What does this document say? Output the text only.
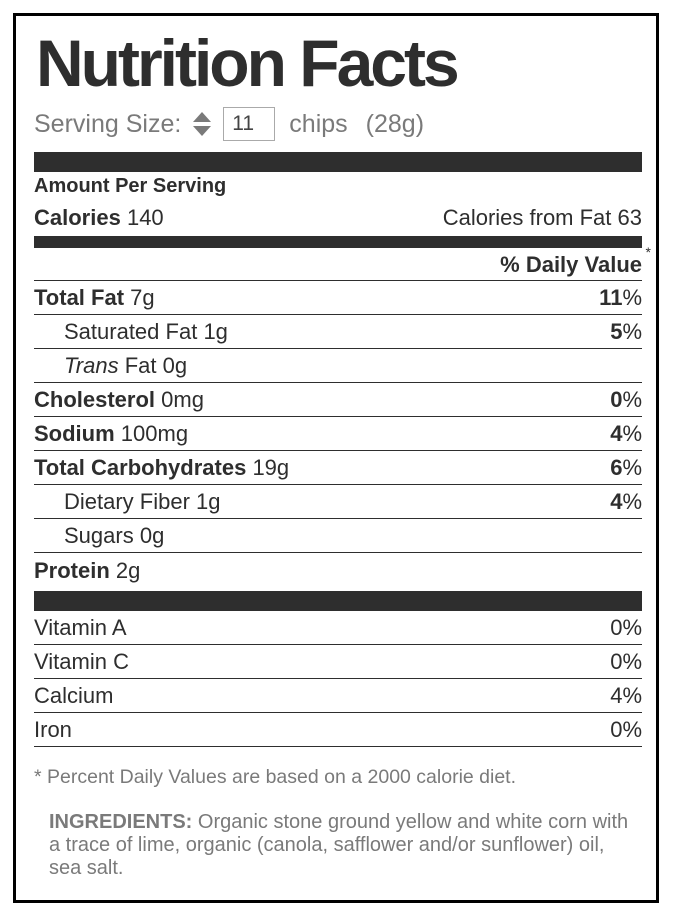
Nutrition Facts
Serving Size:
11	chips (28g)
Amount Per Serving
Calories 140	Calories from Fat 63
% Daily Value *
Total Fat 7g	11%
Saturated Fat 1g	5%
Trans Fat 0g
Cholesterol 0mg	0%
Sodium 100mg	4%
Total Carbohydrates 19g	6%
Dietary Fiber 1g	4%
Sugars 0g
Protein 2g
Vitamin A	0%
Vitamin C	0%
Calcium	4%
Iron	0%
* Percent Daily Values are based on a 2000 calorie diet.
INGREDIENTS: Organic stone ground yellow and white corn with a trace of lime, organic (canola, safflower and/or sunflower) oil, sea salt.
